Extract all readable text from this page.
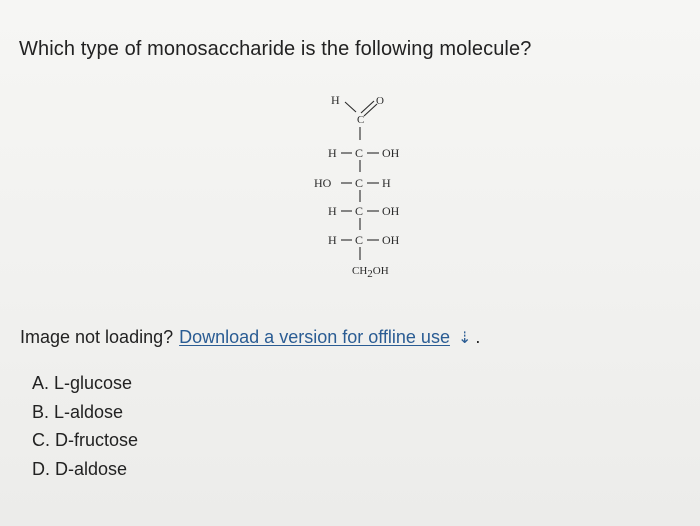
Which type of monosaccharide is the following molecule?
H	O
C
H C OH
HO C H
H C OH
H C OH
CH2OH
Image not loading? Download a version for offline use ⇣ .
A. L-glucose
B. L-aldose
C. D-fructose
D. D-aldose
